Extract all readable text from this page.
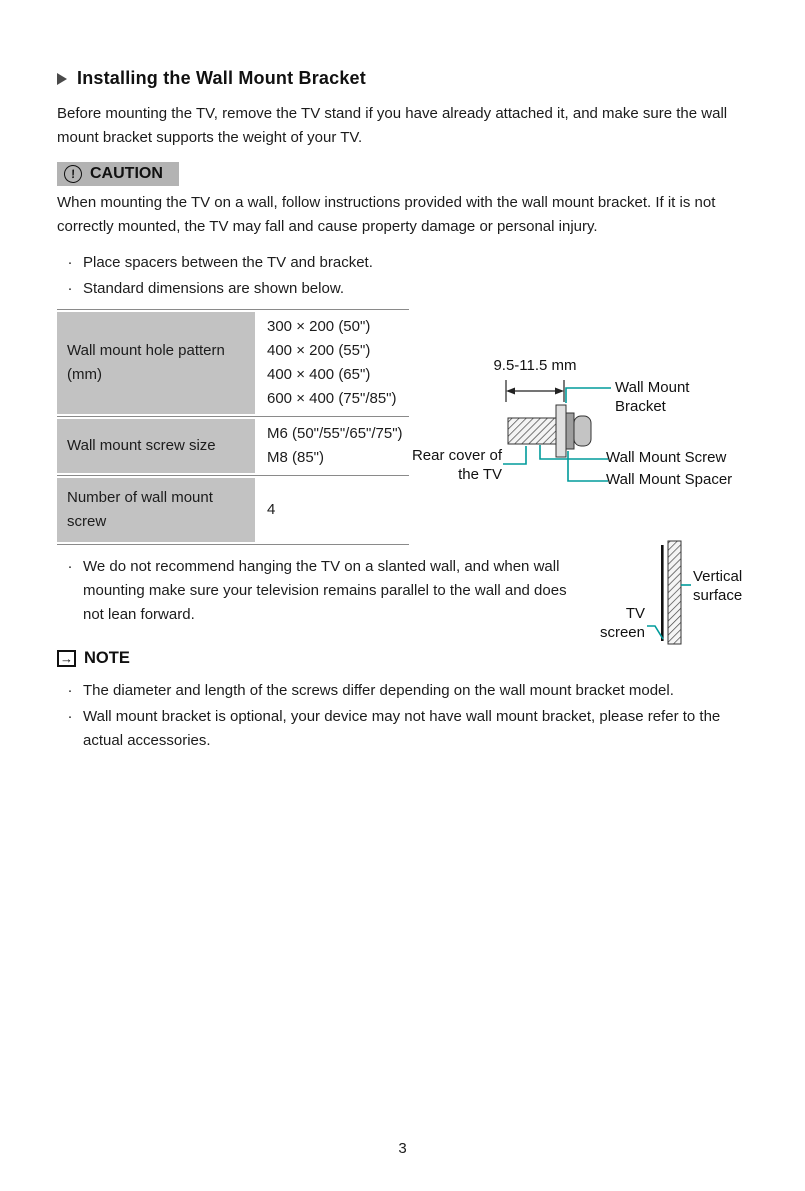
Installing the Wall Mount Bracket

Before mounting the TV, remove the TV stand if you have already attached it, and make sure the wall mount bracket supports the weight of your TV.

! CAUTION

When mounting the TV on a wall, follow instructions provided with the wall mount bracket. If it is not correctly mounted, the TV may fall and cause property damage or personal injury.

· Place spacers between the TV and bracket.
· Standard dimensions are shown below.
Wall mount hole pattern (mm)
300 × 200 (50")
400 × 200 (55")
400 × 400 (65")
600 × 400 (75"/85")
Wall mount screw size
M6 (50"/55"/65"/75")
M8 (85")
Number of wall mount screw
4
· We do not recommend hanging the TV on a slanted wall, and when wall mounting make sure your television remains parallel to the wall and does not lean forward.
→ NOTE
· The diameter and length of the screws differ depending on the wall mount bracket model.
· Wall mount bracket is optional, your device may not have wall mount bracket, please refer to the actual accessories.
9.5-11.5 mm
Wall Mount Bracket
Rear cover of the TV
Wall Mount Screw
Wall Mount Spacer
Vertical surface
TV screen
3
